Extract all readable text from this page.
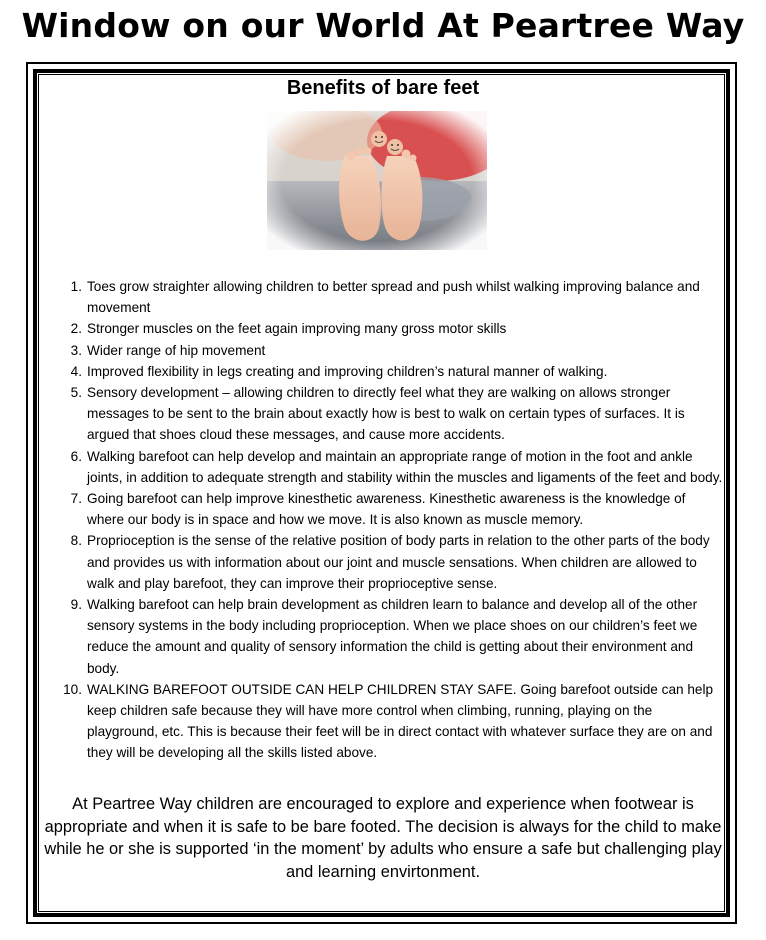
Window on our World At Peartree Way
Benefits of bare feet
1. Toes grow straighter allowing children to better spread and push whilst walking improving balance and movement
2. Stronger muscles on the feet again improving many gross motor skills
3. Wider range of hip movement
4. Improved flexibility in legs creating and improving children’s natural manner of walking.
5. Sensory development – allowing children to directly feel what they are walking on allows stronger messages to be sent to the brain about exactly how is best to walk on certain types of surfaces. It is argued that shoes cloud these messages, and cause more accidents.
6. Walking barefoot can help develop and maintain an appropriate range of motion in the foot and ankle joints, in addition to adequate strength and stability within the muscles and ligaments of the feet and body.
7. Going barefoot can help improve kinesthetic awareness. Kinesthetic awareness is the knowledge of where our body is in space and how we move. It is also known as muscle memory.
8. Proprioception is the sense of the relative position of body parts in relation to the other parts of the body and provides us with information about our joint and muscle sensations. When children are allowed to walk and play barefoot, they can improve their proprioceptive sense.
9. Walking barefoot can help brain development as children learn to balance and develop all of the other sensory systems in the body including proprioception. When we place shoes on our children’s feet we reduce the amount and quality of sensory information the child is getting about their environment and body.
10. WALKING BAREFOOT OUTSIDE CAN HELP CHILDREN STAY SAFE. Going barefoot outside can help keep children safe because they will have more control when climbing, running, playing on the playground, etc. This is because their feet will be in direct contact with whatever surface they are on and they will be developing all the skills listed above.
At Peartree Way children are encouraged to explore and experience when footwear is appropriate and when it is safe to be bare footed. The decision is always for the child to make while he or she is supported ‘in the moment’ by adults who ensure a safe but challenging play and learning envirtonment.
